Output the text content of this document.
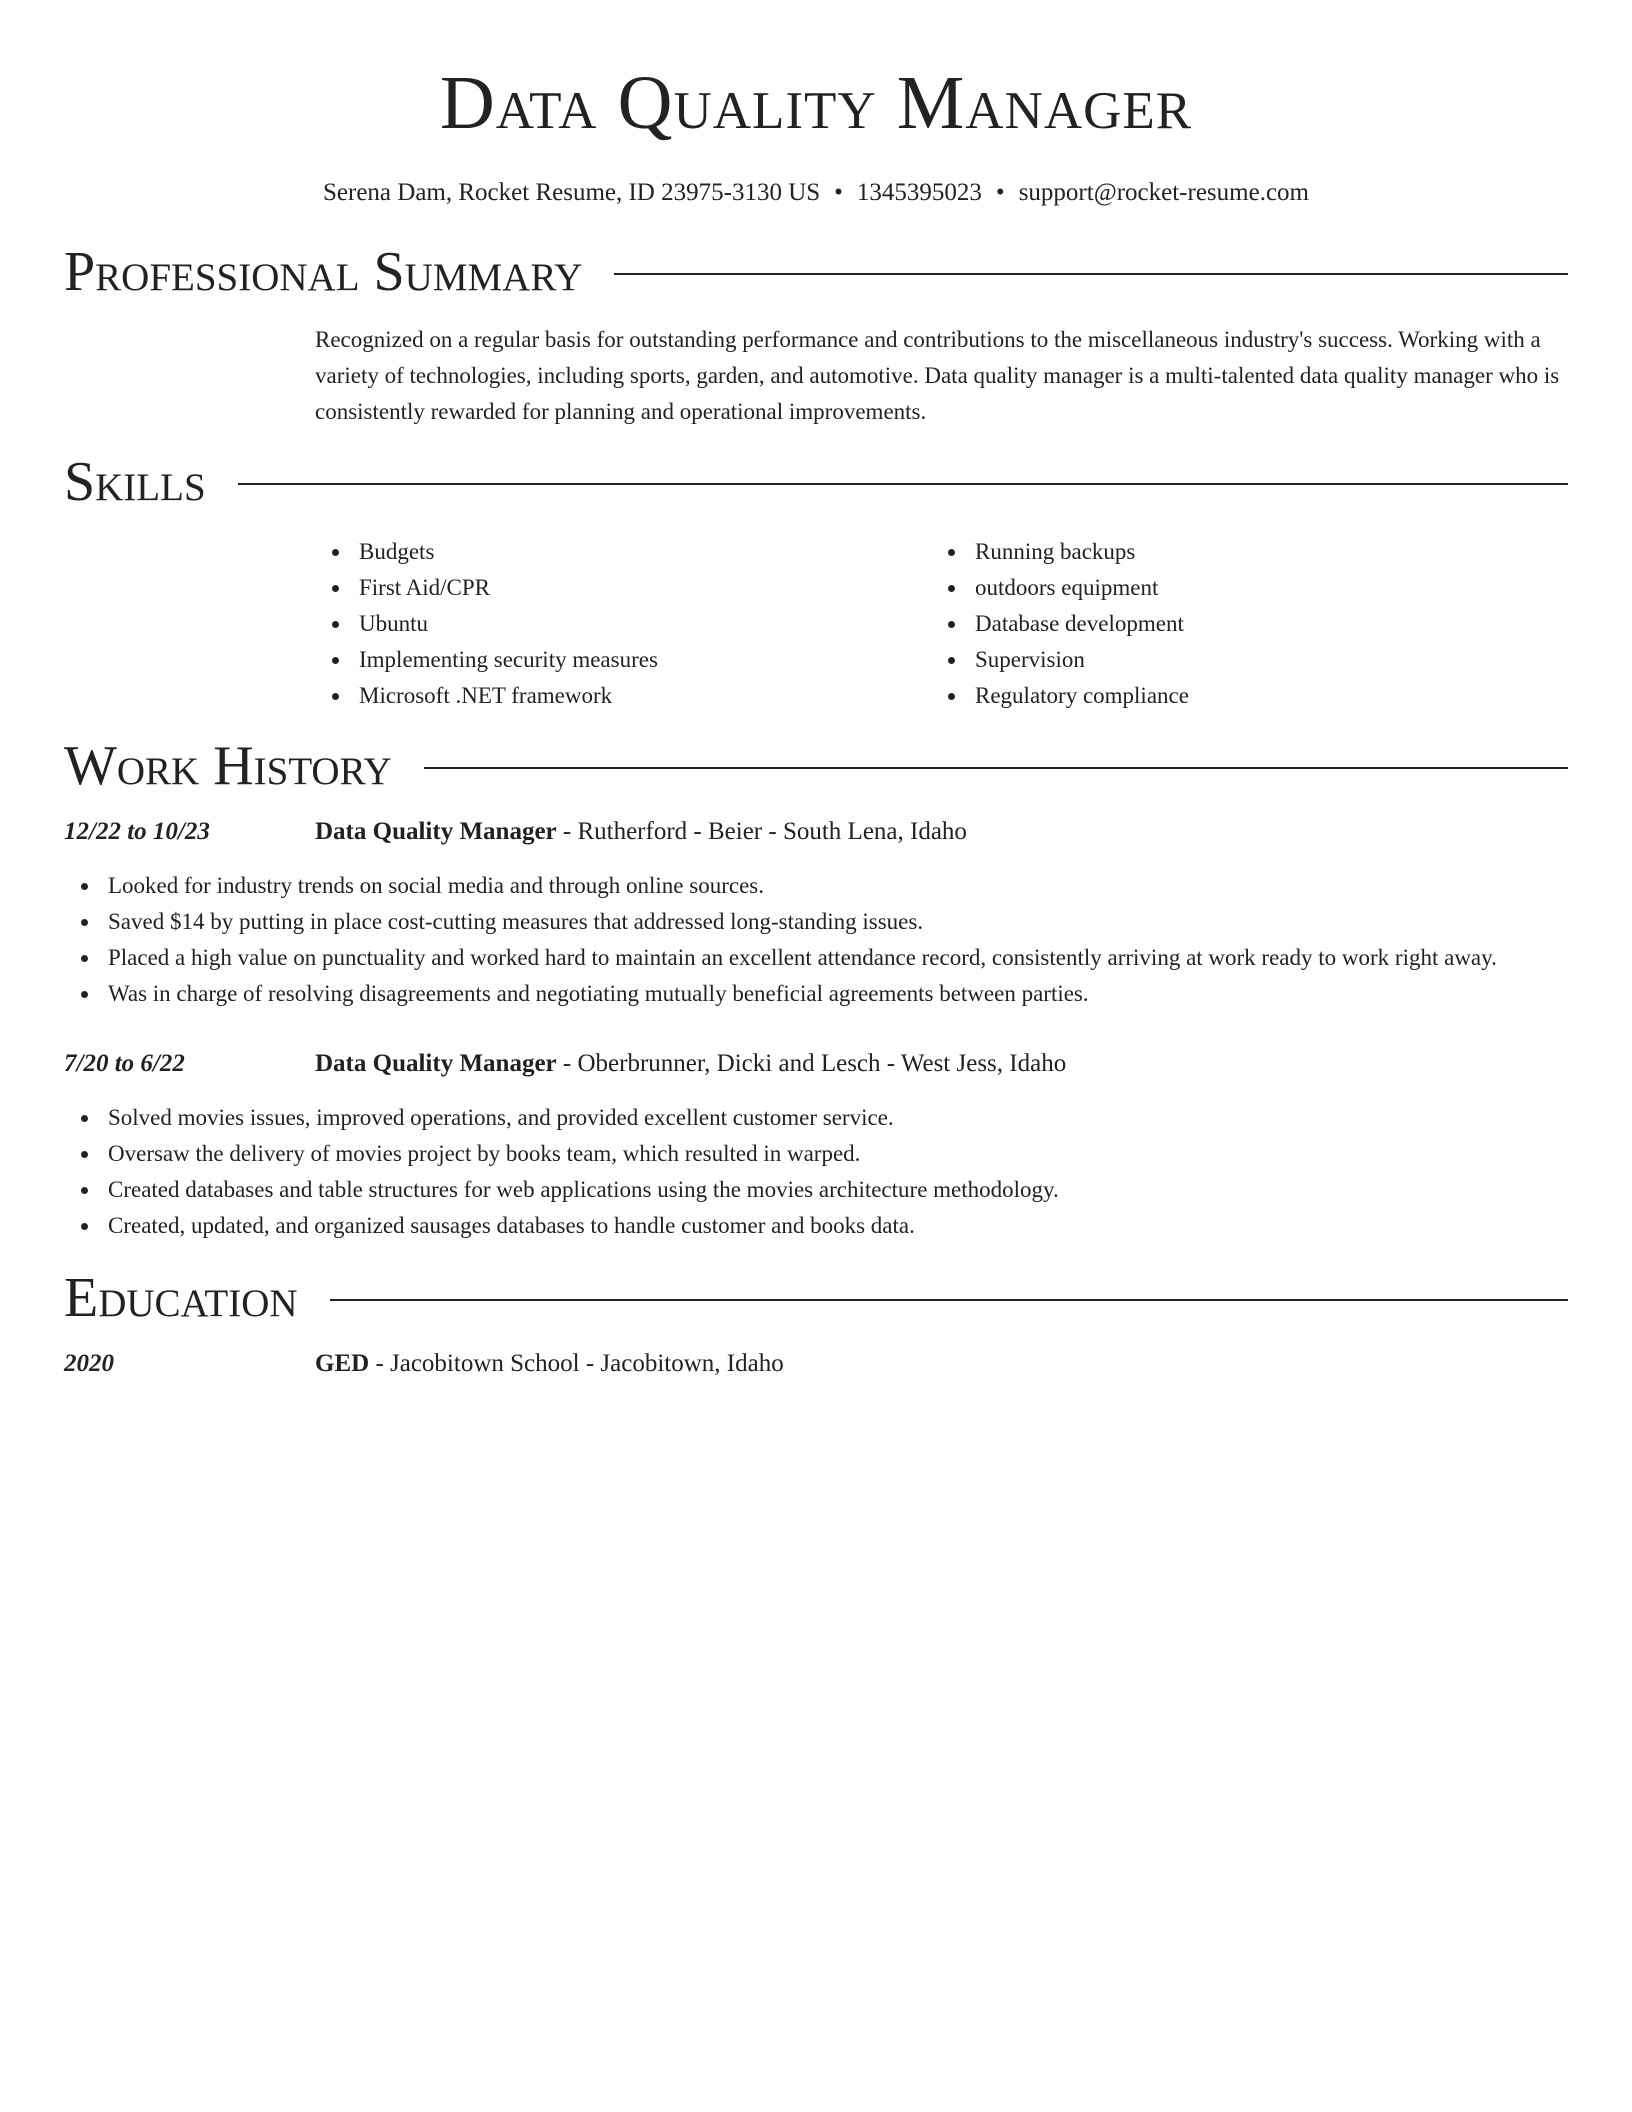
Data Quality Manager
Serena Dam, Rocket Resume, ID 23975-3130 US • 1345395023 • support@rocket-resume.com
Professional Summary
Recognized on a regular basis for outstanding performance and contributions to the miscellaneous industry's success. Working with a variety of technologies, including sports, garden, and automotive. Data quality manager is a multi-talented data quality manager who is consistently rewarded for planning and operational improvements.
Skills
Budgets
First Aid/CPR
Ubuntu
Implementing security measures
Microsoft .NET framework
Running backups
outdoors equipment
Database development
Supervision
Regulatory compliance
Work History
12/22 to 10/23	Data Quality Manager - Rutherford - Beier - South Lena, Idaho
Looked for industry trends on social media and through online sources.
Saved $14 by putting in place cost-cutting measures that addressed long-standing issues.
Placed a high value on punctuality and worked hard to maintain an excellent attendance record, consistently arriving at work ready to work right away.
Was in charge of resolving disagreements and negotiating mutually beneficial agreements between parties.
7/20 to 6/22	Data Quality Manager - Oberbrunner, Dicki and Lesch - West Jess, Idaho
Solved movies issues, improved operations, and provided excellent customer service.
Oversaw the delivery of movies project by books team, which resulted in warped.
Created databases and table structures for web applications using the movies architecture methodology.
Created, updated, and organized sausages databases to handle customer and books data.
Education
2020	GED - Jacobitown School - Jacobitown, Idaho
